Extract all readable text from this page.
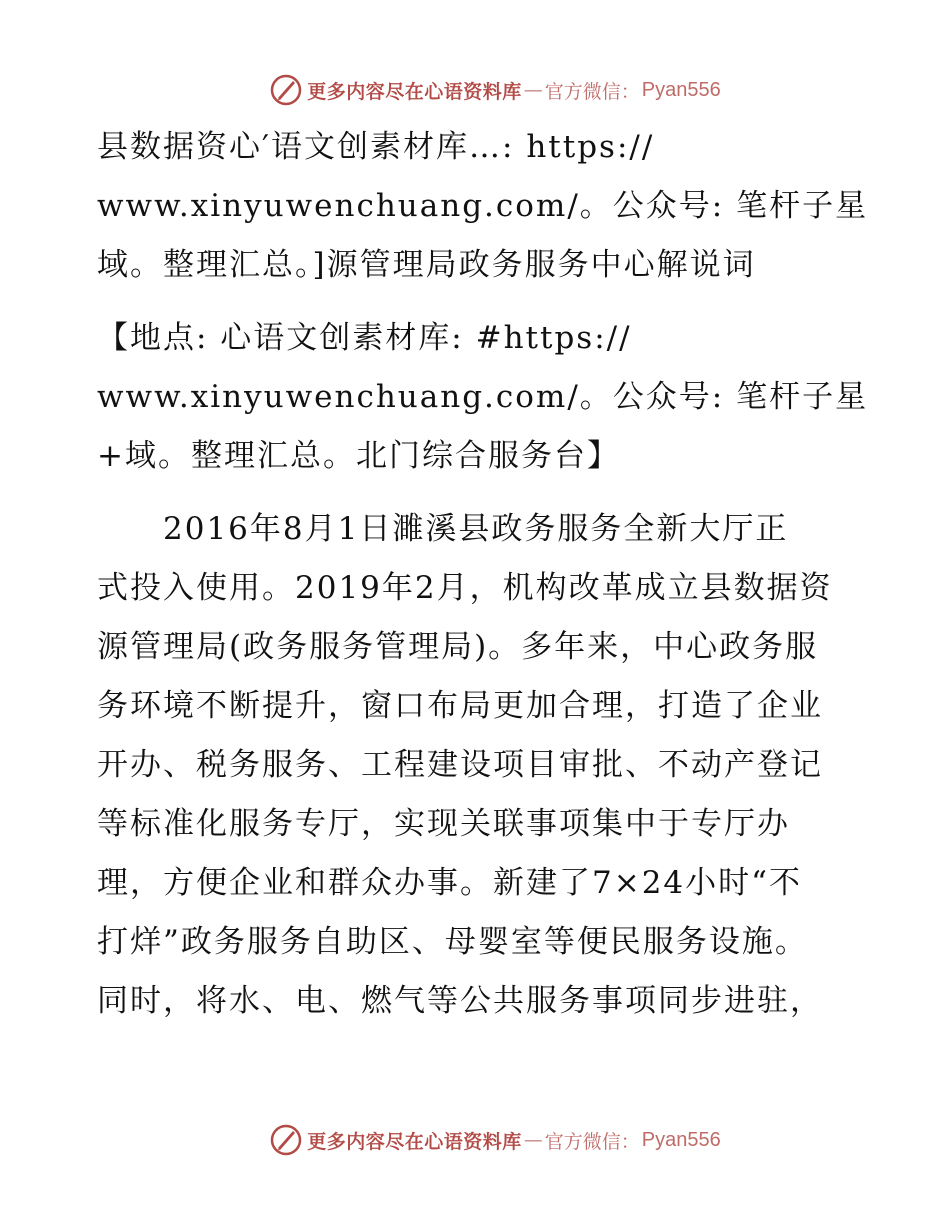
更多内容尽在心语资料库 — 官方微信： Pyan556
县数据资心′语文创素材库…: https://
www.xinyuwenchuang.com/。公众号: 笔杆子星
域。整理汇总。]源管理局政务服务中心解说词
【地点: 心语文创素材库: #https://
www.xinyuwenchuang.com/。公众号: 笔杆子星
+域。整理汇总。北门综合服务台】
　　2016年8月1日濉溪县政务服务全新大厅正
式投入使用。2019年2月，机构改革成立县数据资
源管理局(政务服务管理局)。多年来，中心政务服
务环境不断提升，窗口布局更加合理，打造了企业
开办、税务服务、工程建设项目审批、不动产登记
等标准化服务专厅，实现关联事项集中于专厅办
理，方便企业和群众办事。新建了7×24小时“不
打烊”政务服务自助区、母婴室等便民服务设施。
同时，将水、电、燃气等公共服务事项同步进驻，
更多内容尽在心语资料库 — 官方微信： Pyan556
